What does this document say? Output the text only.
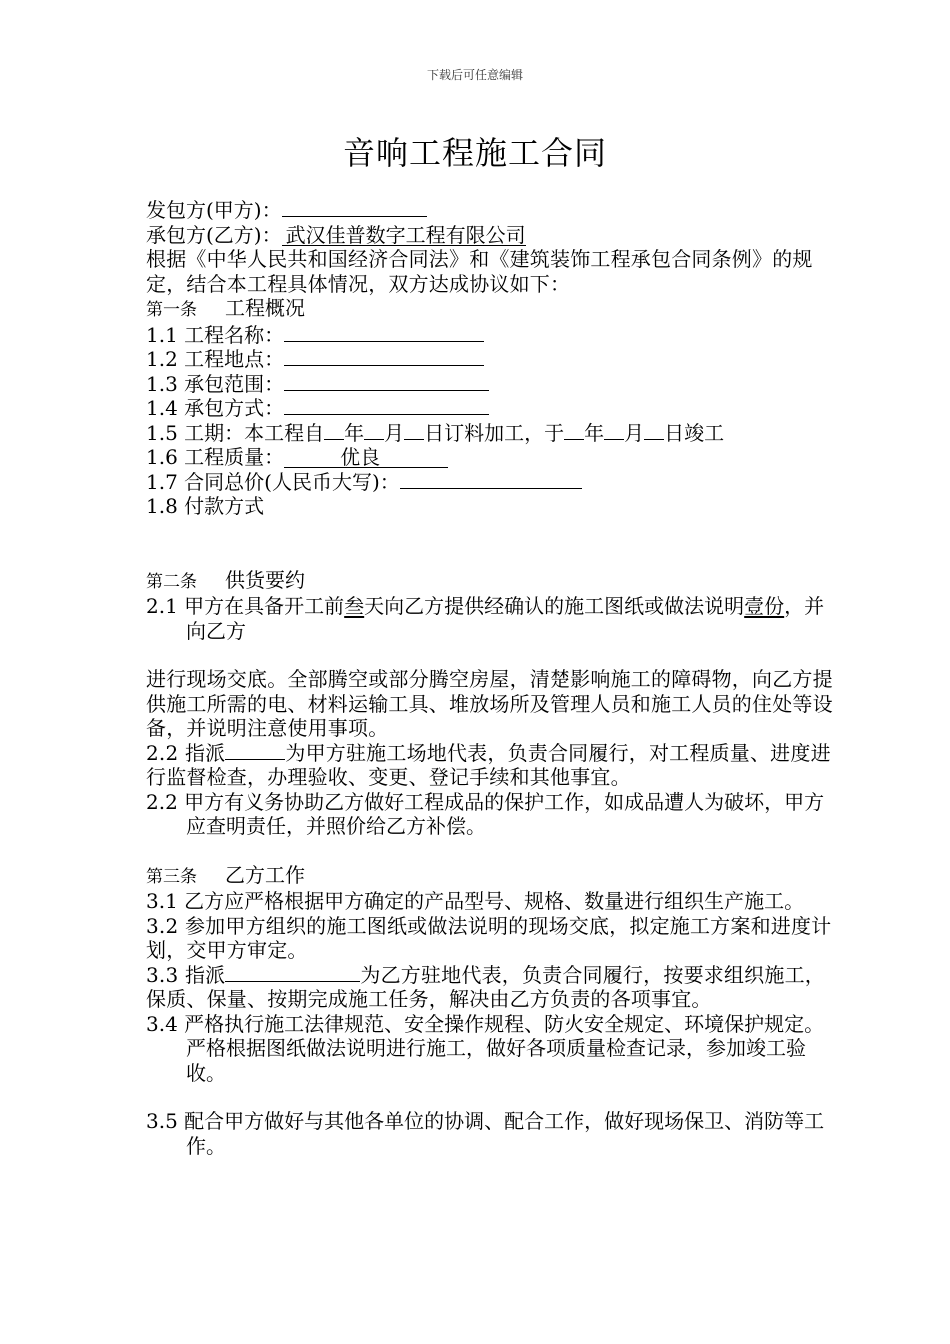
下载后可任意编辑
音响工程施工合同
发包方(甲方)：
承包方(乙方)： 武汉佳普数字工程有限公司
根据《中华人民共和国经济合同法》和《建筑装饰工程承包合同条例》的规定，结合本工程具体情况，双方达成协议如下：
第一条 工程概况
1.1 工程名称：
1.2 工程地点：
1.3 承包范围：
1.4 承包方式：
1.5 工期：本工程自 年 月 日订料加工，于 年 月 日竣工
1.6 工程质量：	优良
1.7 合同总价(人民币大写)：
1.8 付款方式
第二条 供货要约
2.1 甲方在具备开工前叁天向乙方提供经确认的施工图纸或做法说明壹份，并向乙方
进行现场交底。全部腾空或部分腾空房屋，清楚影响施工的障碍物，向乙方提供施工所需的电、材料运输工具、堆放场所及管理人员和施工人员的住处等设备，并说明注意使用事项。
2.2 指派	为甲方驻施工场地代表，负责合同履行，对工程质量、进度进行监督检查，办理验收、变更、登记手续和其他事宜。
2.2 甲方有义务协助乙方做好工程成品的保护工作，如成品遭人为破坏，甲方应查明责任，并照价给乙方补偿。
第三条 乙方工作
3.1 乙方应严格根据甲方确定的产品型号、规格、数量进行组织生产施工。
3.2 参加甲方组织的施工图纸或做法说明的现场交底，拟定施工方案和进度计划，交甲方审定。
3.3 指派	为乙方驻地代表，负责合同履行，按要求组织施工，保质、保量、按期完成施工任务，解决由乙方负责的各项事宜。
3.4 严格执行施工法律规范、安全操作规程、防火安全规定、环境保护规定。严格根据图纸做法说明进行施工，做好各项质量检查记录，参加竣工验收。
3.5 配合甲方做好与其他各单位的协调、配合工作，做好现场保卫、消防等工作。
